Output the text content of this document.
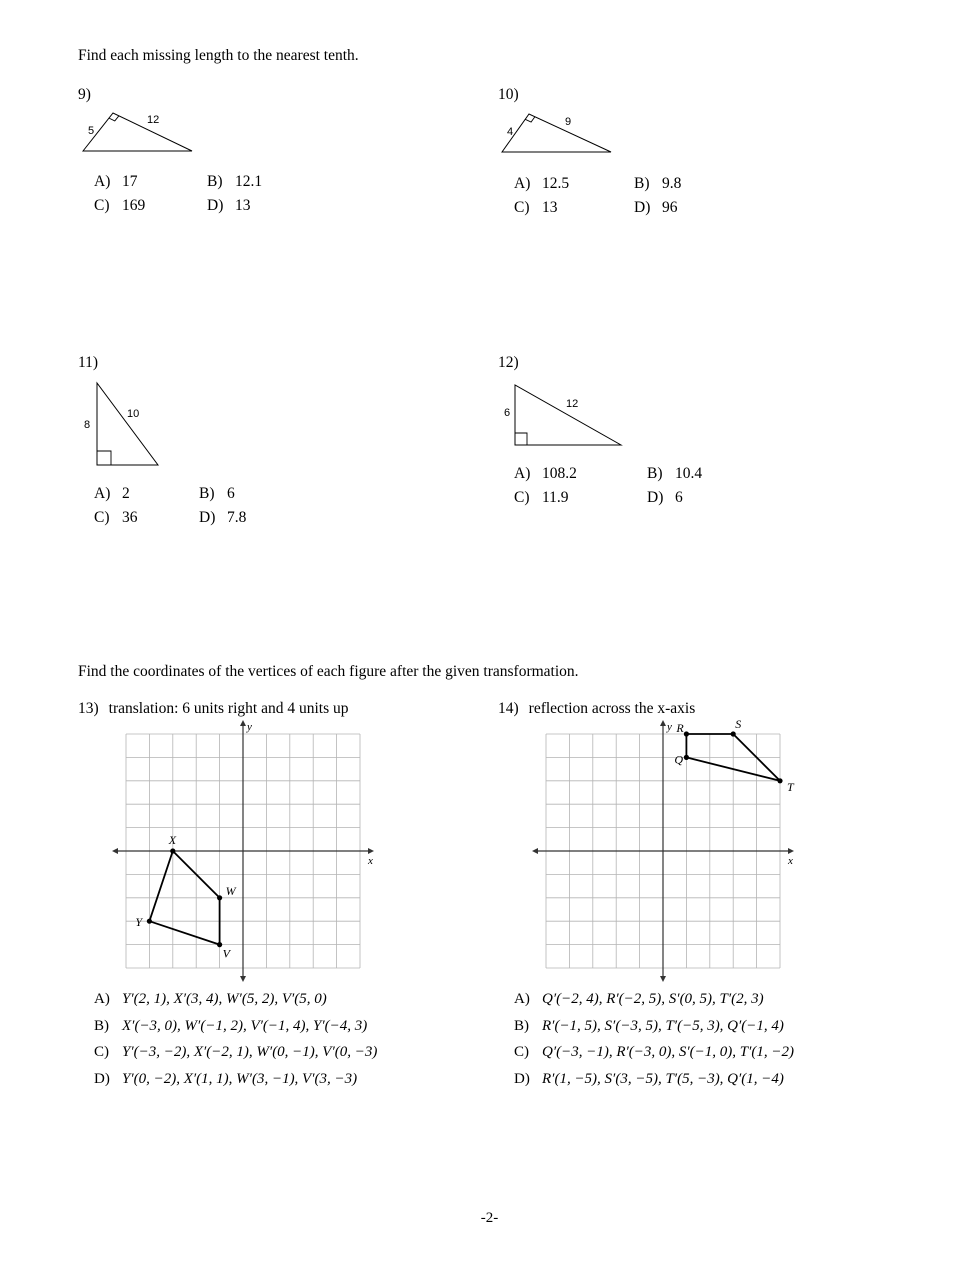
Find each missing length to the nearest tenth.
9)
5
12
A) 17	B) 12.1
C) 169	D) 13
10)
4
9
A) 12.5	B) 9.8
C) 13	D) 96
11)
8
10
A) 2	B) 6
C) 36	D) 7.8
12)
6
12
A) 108.2	B) 10.4
C) 11.9	D) 6
Find the coordinates of the vertices of each figure after the given transformation.
13) translation: 6 units right and 4 units up
x
y
X
W
V
Y
A) Y′(2, 1), X′(3, 4), W′(5, 2), V′(5, 0)
B) X′(−3, 0), W′(−1, 2), V′(−1, 4), Y′(−4, 3)
C) Y′(−3, −2), X′(−2, 1), W′(0, −1), V′(0, −3)
D) Y′(0, −2), X′(1, 1), W′(3, −1), V′(3, −3)
14) reflection across the x-axis
x
y R	S
T
Q
A) Q′(−2, 4), R′(−2, 5), S′(0, 5), T′(2, 3)
B) R′(−1, 5), S′(−3, 5), T′(−5, 3), Q′(−1, 4)
C) Q′(−3, −1), R′(−3, 0), S′(−1, 0), T′(1, −2)
D) R′(1, −5), S′(3, −5), T′(5, −3), Q′(1, −4)
-2-
